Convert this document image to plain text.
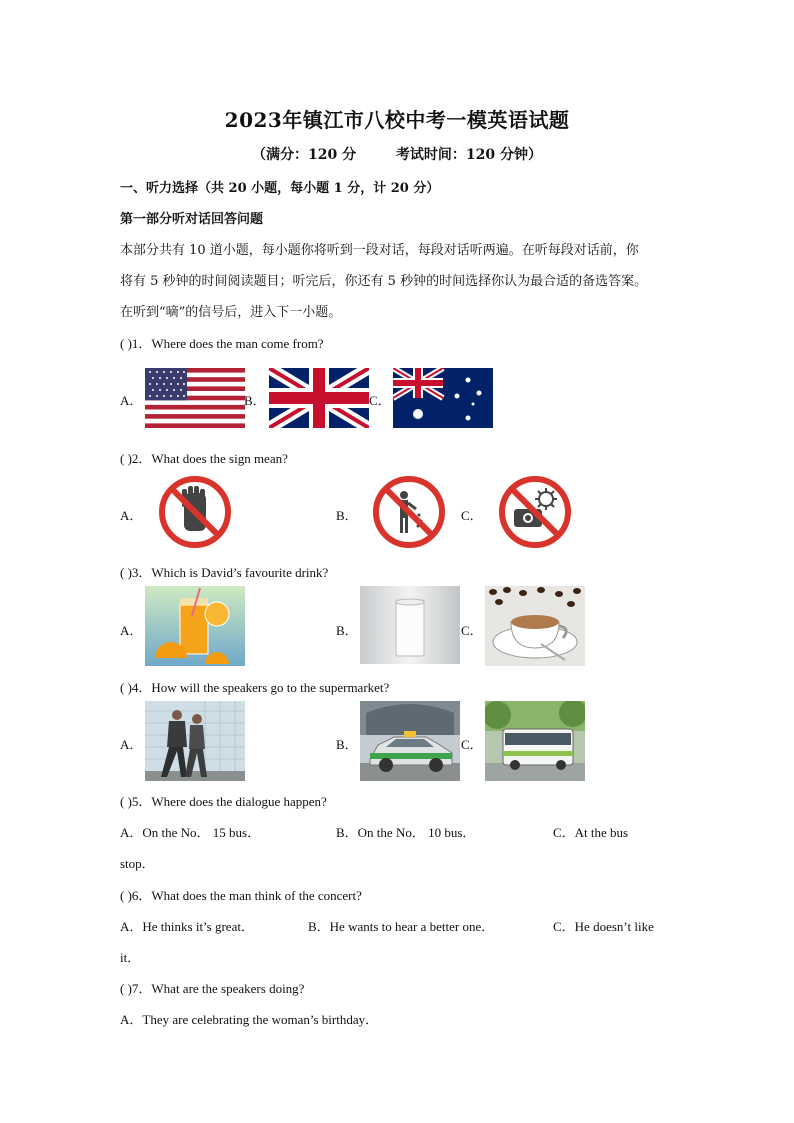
2023年镇江市八校中考一模英语试题
（满分：120 分	考试时间：120 分钟）
一、听力选择（共 20 小题，每小题 1 分，计 20 分）
第一部分听对话回答问题
本部分共有 10 道小题，每小题你将听到一段对话，每段对话听两遍。在听每段对话前，你
将有 5 秒钟的时间阅读题目；听完后，你还有 5 秒钟的时间选择你认为最合适的备选答案。
在听到“嘀”的信号后，进入下一小题。
( )1．Where does the man come from?
A．	B．	C．
( )2．What does the sign mean?
A．	B．	C．
( )3．Which is David’s favourite drink?
A．	B．	C．
( )4．How will the speakers go to the supermarket?
A．	B．	C．
( )5．Where does the dialogue happen?
A．On the No． 15 bus．	B．On the No． 10 bus．	C．At the bus
stop．
( )6．What does the man think of the concert?
A．He thinks it’s great．	B．He wants to hear a better one．	C．He doesn’t like
it．
( )7．What are the speakers doing?
A．They are celebrating the woman’s birthday．
